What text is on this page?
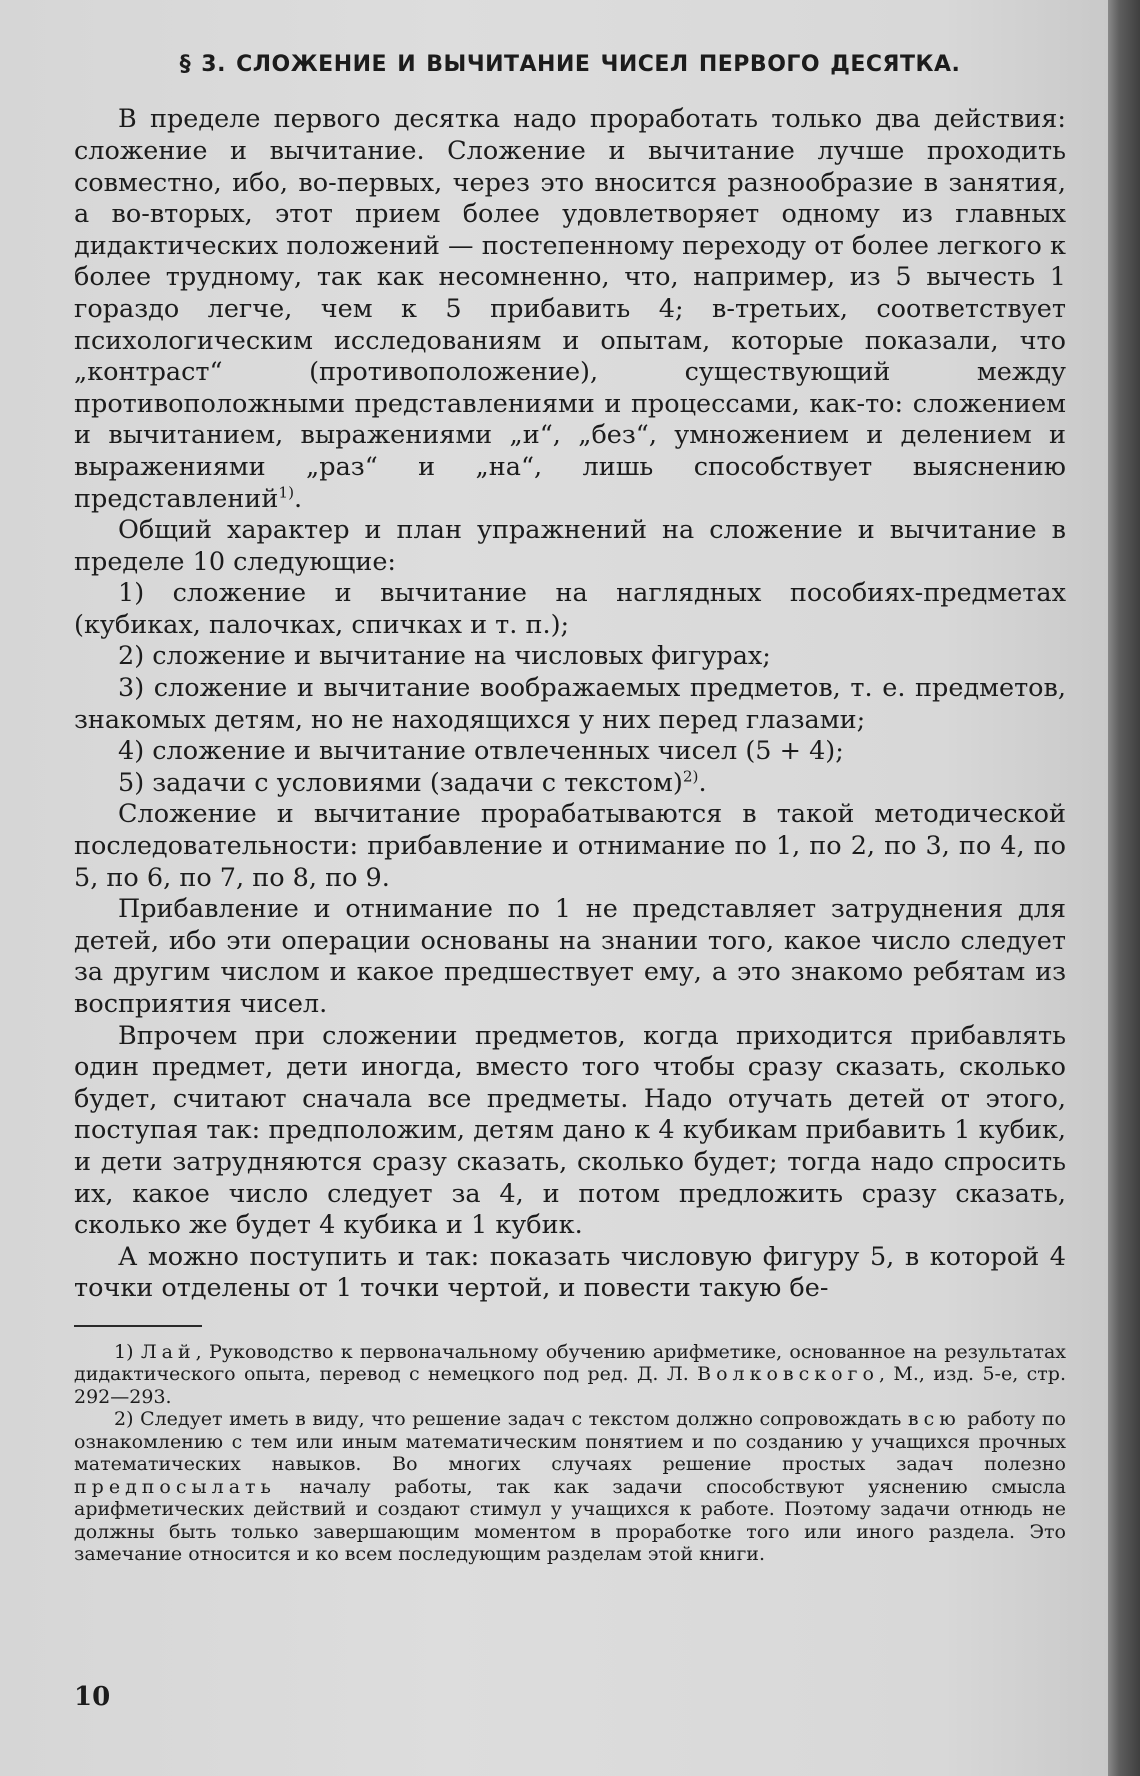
§ 3. СЛОЖЕНИЕ И ВЫЧИТАНИЕ ЧИСЕЛ ПЕРВОГО ДЕСЯТКА.

В пределе первого десятка надо проработать только два действия: сложение и вычитание. Сложение и вычитание лучше проходить совместно, ибо, во-первых, через это вносится разнообразие в занятия, а во-вторых, этот прием более удовлетворяет одному из главных дидактических положений — постепенному переходу от более легкого к более трудному, так как несомненно, что, например, из 5 вычесть 1 гораздо легче, чем к 5 прибавить 4; в-третьих, соответствует психологическим исследованиям и опытам, которые показали, что „контраст“ (противоположение), существующий между противоположными представлениями и процессами, как-то: сложением и вычитанием, выражениями „и“, „без“, умножением и делением и выражениями „раз“ и „на“, лишь способствует выяснению представлений$^{1)}$.

Общий характер и план упражнений на сложение и вычитание в пределе 10 следующие:

1) сложение и вычитание на наглядных пособиях-предметах (кубиках, палочках, спичках и т. п.);

2) сложение и вычитание на числовых фигурах;

3) сложение и вычитание воображаемых предметов, т. е. предметов, знакомых детям, но не находящихся у них перед глазами;

4) сложение и вычитание отвлеченных чисел (5 + 4);

5) задачи с условиями (задачи с текстом)$^{2)}$.

Сложение и вычитание прорабатываются в такой методической последовательности: прибавление и отнимание по 1, по 2, по 3, по 4, по 5, по 6, по 7, по 8, по 9.

Прибавление и отнимание по 1 не представляет затруднения для детей, ибо эти операции основаны на знании того, какое число следует за другим числом и какое предшествует ему, а это знакомо ребятам из восприятия чисел.

Впрочем при сложении предметов, когда приходится прибавлять один предмет, дети иногда, вместо того чтобы сразу сказать, сколько будет, считают сначала все предметы. Надо отучать детей от этого, поступая так: предположим, детям дано к 4 кубикам прибавить 1 кубик, и дети затрудняются сразу сказать, сколько будет; тогда надо спросить их, какое число следует за 4, и потом предложить сразу сказать, сколько же будет 4 кубика и 1 кубик.

А можно поступить и так: показать числовую фигуру 5, в которой 4 точки отделены от 1 точки чертой, и повести такую бе-

1) Лай, Руководство к первоначальному обучению арифметике, основанное на результатах дидактического опыта, перевод с немецкого под ред. Д. Л. Волковского, М., изд. 5-е, стр. 292—293.

2) Следует иметь в виду, что решение задач с текстом должно сопровождать всю работу по ознакомлению с тем или иным математическим понятием и по созданию у учащихся прочных математических навыков. Во многих случаях решение простых задач полезно предпосылать началу работы, так как задачи способствуют уяснению смысла арифметических действий и создают стимул у учащихся к работе. Поэтому задачи отнюдь не должны быть только завершающим моментом в проработке того или иного раздела. Это замечание относится и ко всем последующим разделам этой книги.

10
